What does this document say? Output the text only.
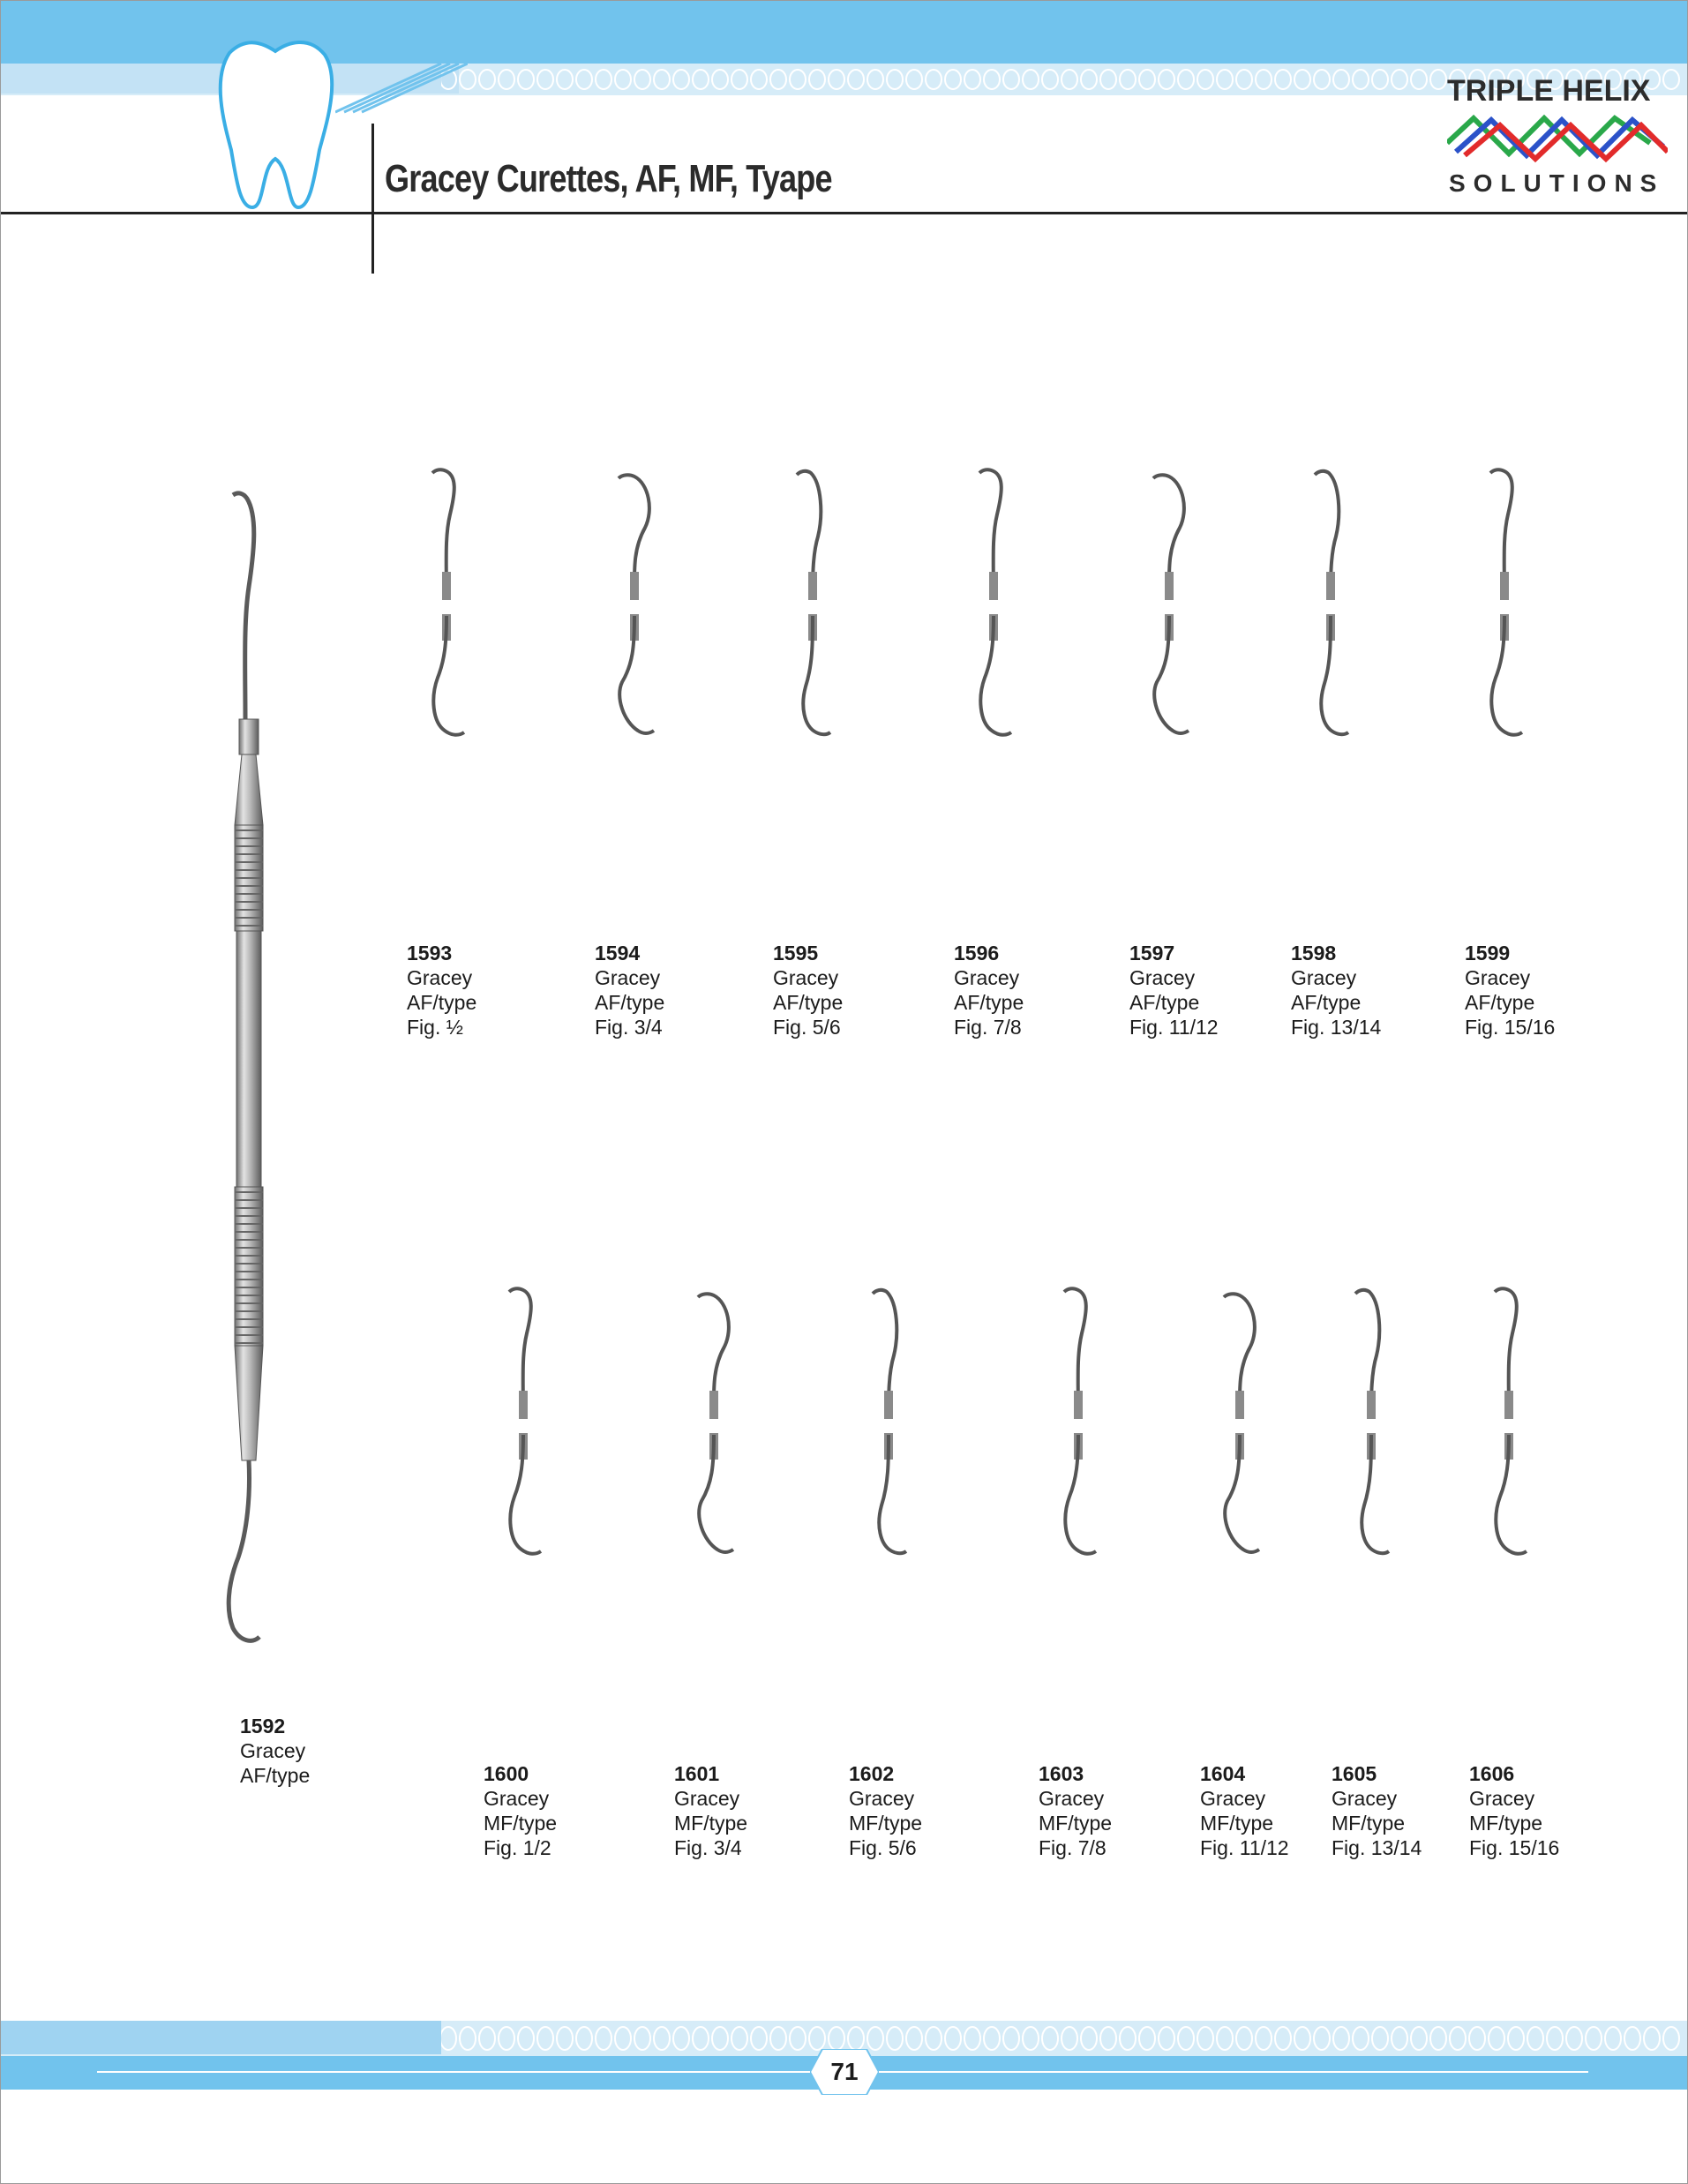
Gracey Curettes, AF, MF, Tyape
TRIPLE HELIX
SOLUTIONS
1592
Gracey
AF/type
1593
Gracey
AF/type
Fig. ½
1594
Gracey
AF/type
Fig. 3/4
1595
Gracey
AF/type
Fig. 5/6
1596
Gracey
AF/type
Fig. 7/8
1597
Gracey
AF/type
Fig. 11/12
1598
Gracey
AF/type
Fig. 13/14
1599
Gracey
AF/type
Fig. 15/16
1600
Gracey
MF/type
Fig. 1/2
1601
Gracey
MF/type
Fig. 3/4
1602
Gracey
MF/type
Fig. 5/6
1603
Gracey
MF/type
Fig. 7/8
1604
Gracey
MF/type
Fig. 11/12
1605
Gracey
MF/type
Fig. 13/14
1606
Gracey
MF/type
Fig. 15/16
71
